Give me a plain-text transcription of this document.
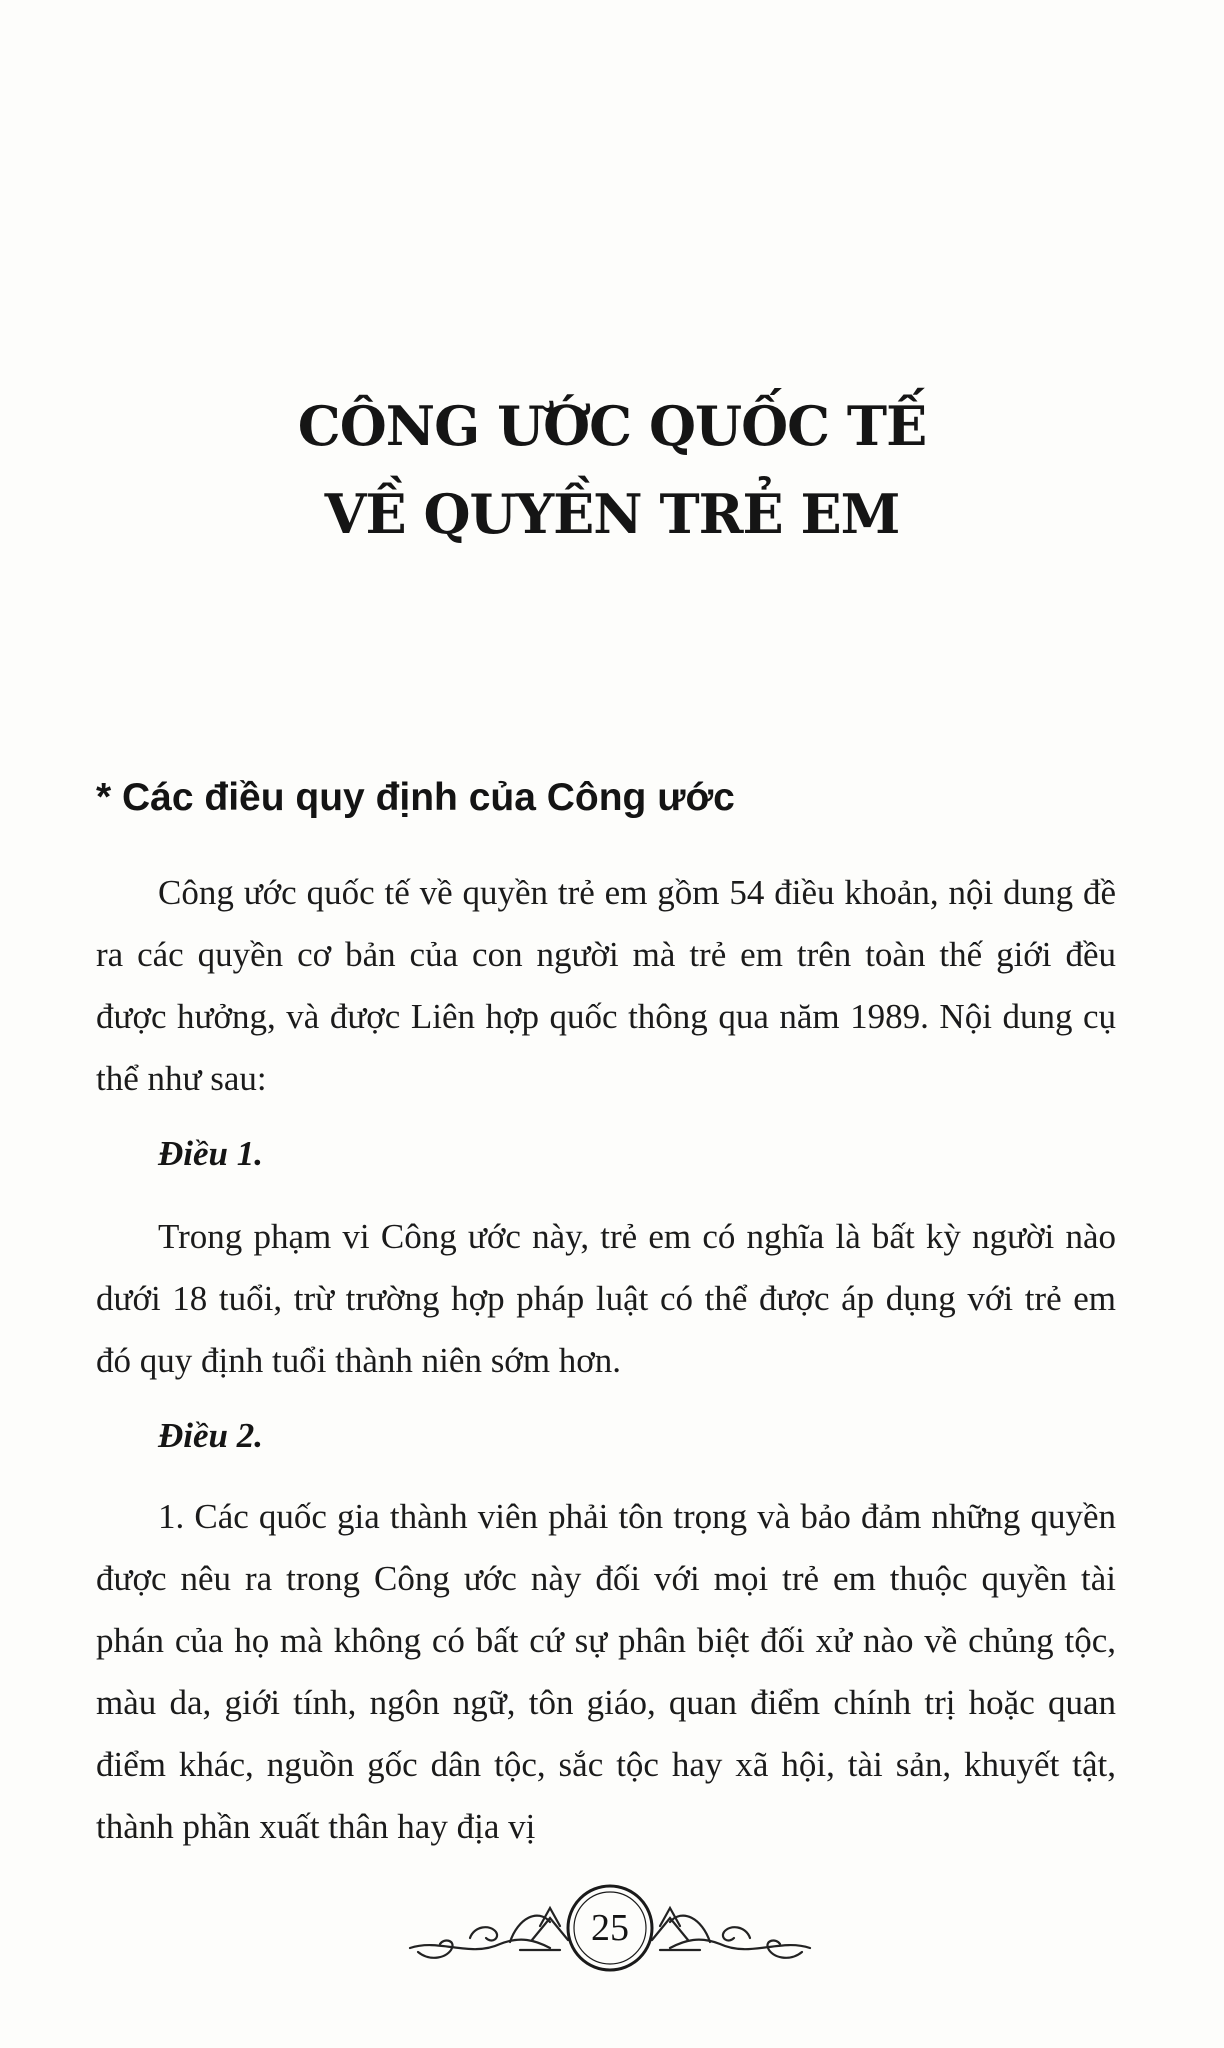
CÔNG ƯỚC QUỐC TẾ
VỀ QUYỀN TRẺ EM
* Các điều quy định của Công ước
Công ước quốc tế về quyền trẻ em gồm 54 điều khoản, nội dung đề ra các quyền cơ bản của con người mà trẻ em trên toàn thế giới đều được hưởng, và được Liên hợp quốc thông qua năm 1989. Nội dung cụ thể như sau:
Điều 1.
Trong phạm vi Công ước này, trẻ em có nghĩa là bất kỳ người nào dưới 18 tuổi, trừ trường hợp pháp luật có thể được áp dụng với trẻ em đó quy định tuổi thành niên sớm hơn.
Điều 2.
1. Các quốc gia thành viên phải tôn trọng và bảo đảm những quyền được nêu ra trong Công ước này đối với mọi trẻ em thuộc quyền tài phán của họ mà không có bất cứ sự phân biệt đối xử nào về chủng tộc, màu da, giới tính, ngôn ngữ, tôn giáo, quan điểm chính trị hoặc quan điểm khác, nguồn gốc dân tộc, sắc tộc hay xã hội, tài sản, khuyết tật, thành phần xuất thân hay địa vị
25
